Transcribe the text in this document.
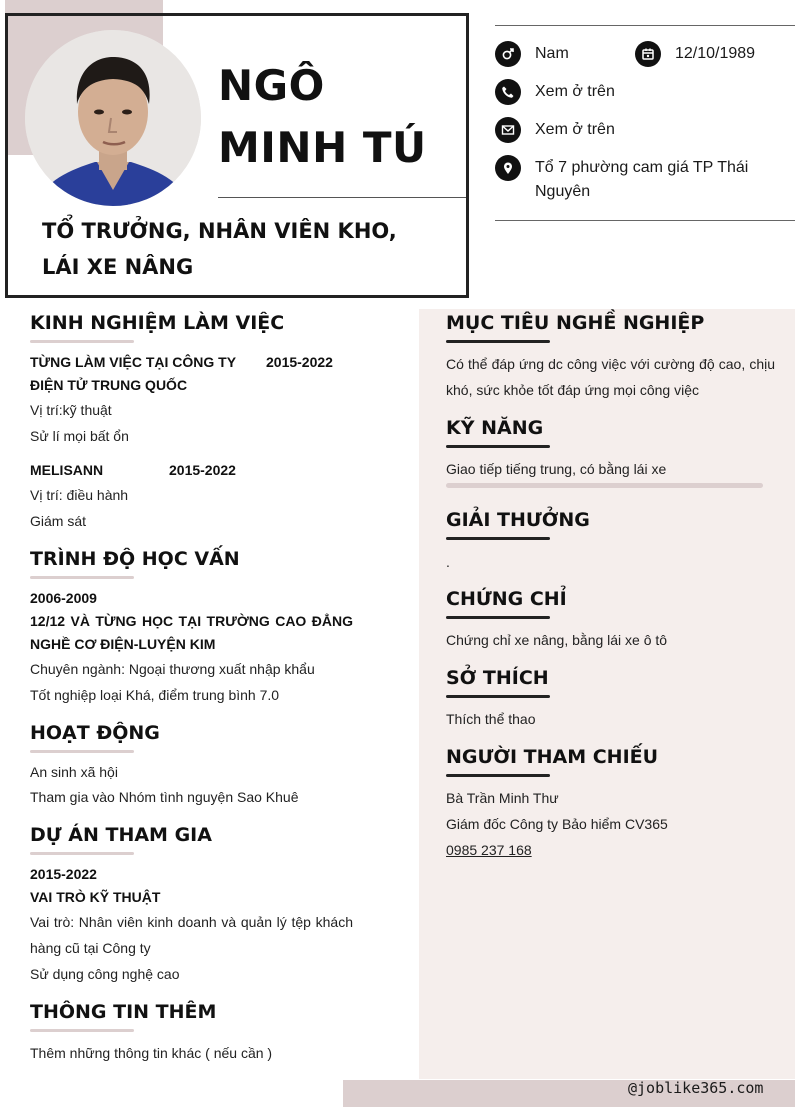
@joblike365.com
NGÔ MINH TÚ
TỔ TRƯỞNG, NHÂN VIÊN KHO, LÁI XE NÂNG
Nam	12/10/1989
Xem ở trên
Xem ở trên
Tổ 7 phường cam giá TP Thái Nguyên
KINH NGHIỆM LÀM VIỆC
TỪNG LÀM VIỆC TẠI CÔNG TY 2015-2022
ĐIỆN TỬ TRUNG QUỐC
Vị trí:kỹ thuật
Sử lí mọi bất ổn
MELISANN	2015-2022
Vị trí: điều hành
Giám sát
TRÌNH ĐỘ HỌC VẤN
2006-2009
12/12 VÀ TỪNG HỌC TẠI TRƯỜNG CAO ĐẲNG
NGHỀ CƠ ĐIỆN-LUYỆN KIM
Chuyên ngành: Ngoại thương xuất nhập khẩu
Tốt nghiệp loại Khá, điểm trung bình 7.0
HOẠT ĐỘNG
An sinh xã hội
Tham gia vào Nhóm tình nguyện Sao Khuê
DỰ ÁN THAM GIA
2015-2022
VAI TRÒ KỸ THUẬT
Vai trò: Nhân viên kinh doanh và quản lý tệp khách
hàng cũ tại Công ty
Sử dụng công nghệ cao
THÔNG TIN THÊM
Thêm những thông tin khác ( nếu cần )
MỤC TIÊU NGHỀ NGHIỆP
Có thể đáp ứng dc công việc với cường độ cao, chịu
khó, sức khỏe tốt đáp ứng mọi công việc
KỸ NĂNG
Giao tiếp tiếng trung, có bằng lái xe
GIẢI THƯỞNG
.
CHỨNG CHỈ
Chứng chỉ xe nâng, bằng lái xe ô tô
SỞ THÍCH
Thích thể thao
NGƯỜI THAM CHIẾU
Bà Trần Minh Thư
Giám đốc Công ty Bảo hiểm CV365
0985 237 168
